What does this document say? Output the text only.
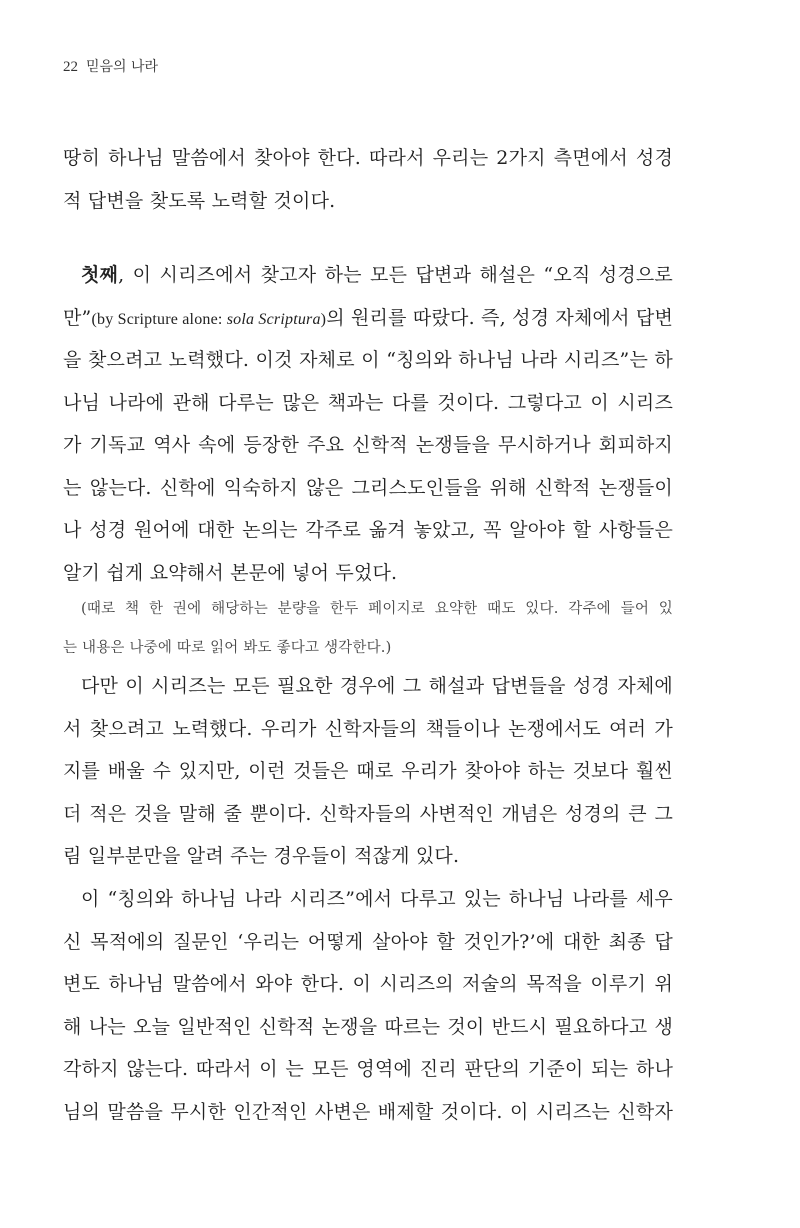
22 믿음의 나라
땅히 하나님 말씀에서 찾아야 한다. 따라서 우리는 2가지 측면에서 성경
적 답변을 찾도록 노력할 것이다.
첫째, 이 시리즈에서 찾고자 하는 모든 답변과 해설은 “오직 성경으로
만”(by Scripture alone: sola Scriptura)의 원리를 따랐다. 즉, 성경 자체에서 답변
을 찾으려고 노력했다. 이것 자체로 이 “칭의와 하나님 나라 시리즈”는 하
나님 나라에 관해 다루는 많은 책과는 다를 것이다. 그렇다고 이 시리즈
가 기독교 역사 속에 등장한 주요 신학적 논쟁들을 무시하거나 회피하지
는 않는다. 신학에 익숙하지 않은 그리스도인들을 위해 신학적 논쟁들이
나 성경 원어에 대한 논의는 각주로 옮겨 놓았고, 꼭 알아야 할 사항들은
알기 쉽게 요약해서 본문에 넣어 두었다.
(때로 책 한 권에 해당하는 분량을 한두 페이지로 요약한 때도 있다. 각주에 들어 있
는 내용은 나중에 따로 읽어 봐도 좋다고 생각한다.)
다만 이 시리즈는 모든 필요한 경우에 그 해설과 답변들을 성경 자체에
서 찾으려고 노력했다. 우리가 신학자들의 책들이나 논쟁에서도 여러 가
지를 배울 수 있지만, 이런 것들은 때로 우리가 찾아야 하는 것보다 훨씬
더 적은 것을 말해 줄 뿐이다. 신학자들의 사변적인 개념은 성경의 큰 그
림 일부분만을 알려 주는 경우들이 적잖게 있다.
이 “칭의와 하나님 나라 시리즈”에서 다루고 있는 하나님 나라를 세우
신 목적에의 질문인 ‘우리는 어떻게 살아야 할 것인가?’에 대한 최종 답
변도 하나님 말씀에서 와야 한다. 이 시리즈의 저술의 목적을 이루기 위
해 나는 오늘 일반적인 신학적 논쟁을 따르는 것이 반드시 필요하다고 생
각하지 않는다. 따라서 이 는 모든 영역에 진리 판단의 기준이 되는 하나
님의 말씀을 무시한 인간적인 사변은 배제할 것이다. 이 시리즈는 신학자
